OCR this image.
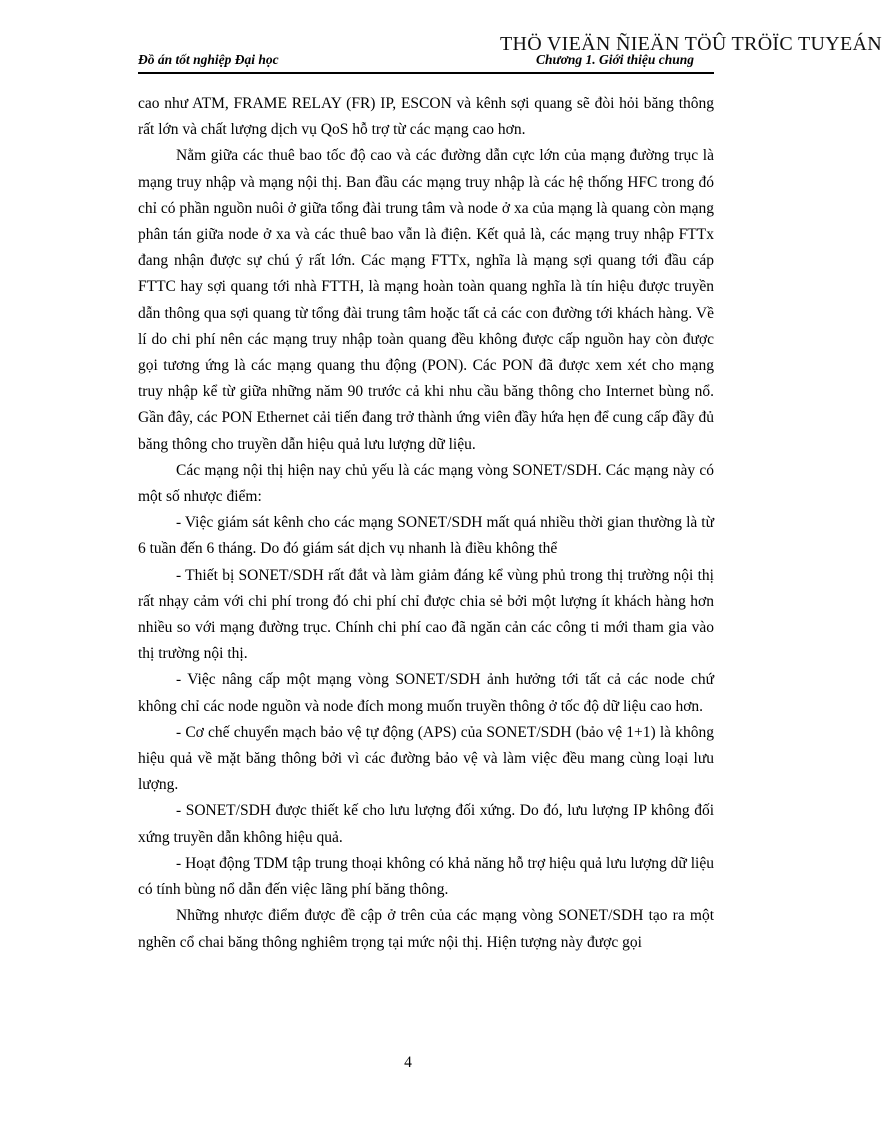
THÖ VIEÄN ÑIEÄN TÖÛ TRÖÏC TUYEÁN
Đồ án tốt nghiệp Đại học	Chương 1. Giới thiệu chung

cao như ATM, FRAME RELAY (FR) IP, ESCON và kênh sợi quang sẽ đòi hỏi băng thông rất lớn và chất lượng dịch vụ QoS hỗ trợ từ các mạng cao hơn.

Nằm giữa các thuê bao tốc độ cao và các đường dẫn cực lớn của mạng đường trục là mạng truy nhập và mạng nội thị. Ban đầu các mạng truy nhập là các hệ thống HFC trong đó chỉ có phần nguồn nuôi ở giữa tổng đài trung tâm và node ở xa của mạng là quang còn mạng phân tán giữa node ở xa và các thuê bao vẫn là điện. Kết quả là, các mạng truy nhập FTTx đang nhận được sự chú ý rất lớn. Các mạng FTTx, nghĩa là mạng sợi quang tới đầu cáp FTTC hay sợi quang tới nhà FTTH, là mạng hoàn toàn quang nghĩa là tín hiệu được truyền dẫn thông qua sợi quang từ tổng đài trung tâm hoặc tất cả các con đường tới khách hàng. Về lí do chi phí nên các mạng truy nhập toàn quang đều không được cấp nguồn hay còn được gọi tương ứng là các mạng quang thu động (PON). Các PON đã được xem xét cho mạng truy nhập kể từ giữa những năm 90 trước cả khi nhu cầu băng thông cho Internet bùng nổ. Gần đây, các PON Ethernet cải tiến đang trở thành ứng viên đầy hứa hẹn để cung cấp đầy đủ băng thông cho truyền dẫn hiệu quả lưu lượng dữ liệu.

Các mạng nội thị hiện nay chủ yếu là các mạng vòng SONET/SDH. Các mạng này có một số nhược điểm:

- Việc giám sát kênh cho các mạng SONET/SDH mất quá nhiều thời gian thường là từ 6 tuần đến 6 tháng. Do đó giám sát dịch vụ nhanh là điều không thể

- Thiết bị SONET/SDH rất đắt và làm giảm đáng kể vùng phủ trong thị trường nội thị rất nhạy cảm với chi phí trong đó chi phí chỉ được chia sẻ bởi một lượng ít khách hàng hơn nhiều so với mạng đường trục. Chính chi phí cao đã ngăn cản các công ti mới tham gia vào thị trường nội thị.

- Việc nâng cấp một mạng vòng SONET/SDH ảnh hưởng tới tất cả các node chứ không chỉ các node nguồn và node đích mong muốn truyền thông ở tốc độ dữ liệu cao hơn.

- Cơ chế chuyển mạch bảo vệ tự động (APS) của SONET/SDH (bảo vệ 1+1) là không hiệu quả về mặt băng thông bởi vì các đường bảo vệ và làm việc đều mang cùng loại lưu lượng.

- SONET/SDH được thiết kế cho lưu lượng đối xứng. Do đó, lưu lượng IP không đối xứng truyền dẫn không hiệu quả.

- Hoạt động TDM tập trung thoại không có khả năng hỗ trợ hiệu quả lưu lượng dữ liệu có tính bùng nổ dẫn đến việc lãng phí băng thông.

Những nhược điểm được đề cập ở trên của các mạng vòng SONET/SDH tạo ra một nghẽn cổ chai băng thông nghiêm trọng tại mức nội thị. Hiện tượng này được gọi

4
